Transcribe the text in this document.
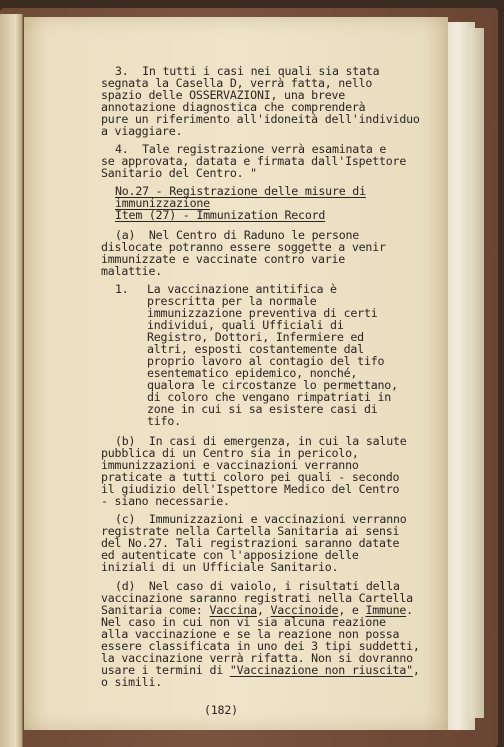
3.  In tutti i casi nei quali sia stata
segnata la Casella D, verrà fatta, nello
spazio delle OSSERVAZIONI, una breve
annotazione diagnostica che comprenderà
pure un riferimento all'idoneità dell'individuo
a viaggiare.
4.  Tale registrazione verrà esaminata e
se approvata, datata e firmata dall'Ispettore
Sanitario del Centro. "
No.27 - Registrazione delle misure di
immunizzazione
Item (27) - Immunization Record
(a)  Nel Centro di Raduno le persone
dislocate potranno essere soggette a venir
immunizzate e vaccinate contro varie
malattie.
1. La vaccinazione antitifica è
prescritta per la normale
immunizzazione preventiva di certi
individui, quali Ufficiali di
Registro, Dottori, Infermiere ed
altri, esposti costantemente dal
proprio lavoro al contagio del tifo
esentematico epidemico, nonché,
qualora le circostanze lo permettano,
di coloro che vengano rimpatriati in
zone in cui si sa esistere casi di
tifo.
(b)  In casi di emergenza, in cui la salute
pubblica di un Centro sia in pericolo,
immunizzazioni e vaccinazioni verranno
praticate a tutti coloro pei quali - secondo
il giudizio dell'Ispettore Medico del Centro
- siano necessarie.
(c)  Immunizzazioni e vaccinazioni verranno
registrate nella Cartella Sanitaria ai sensi
del No.27. Tali registrazioni saranno datate
ed autenticate con l'apposizione delle
iniziali di un Ufficiale Sanitario.
(d)  Nel caso di vaiolo, i risultati della
vaccinazione saranno registrati nella Cartella
Sanitaria come: Vaccina, Vaccinoide, e Immune.
Nel caso in cui non vi sia alcuna reazione
alla vaccinazione e se la reazione non possa
essere classificata in uno dei 3 tipi suddetti,
la vaccinazione verrà rifatta. Non si dovranno
usare i termini di "Vaccinazione non riuscita",
o simili.
(182)
